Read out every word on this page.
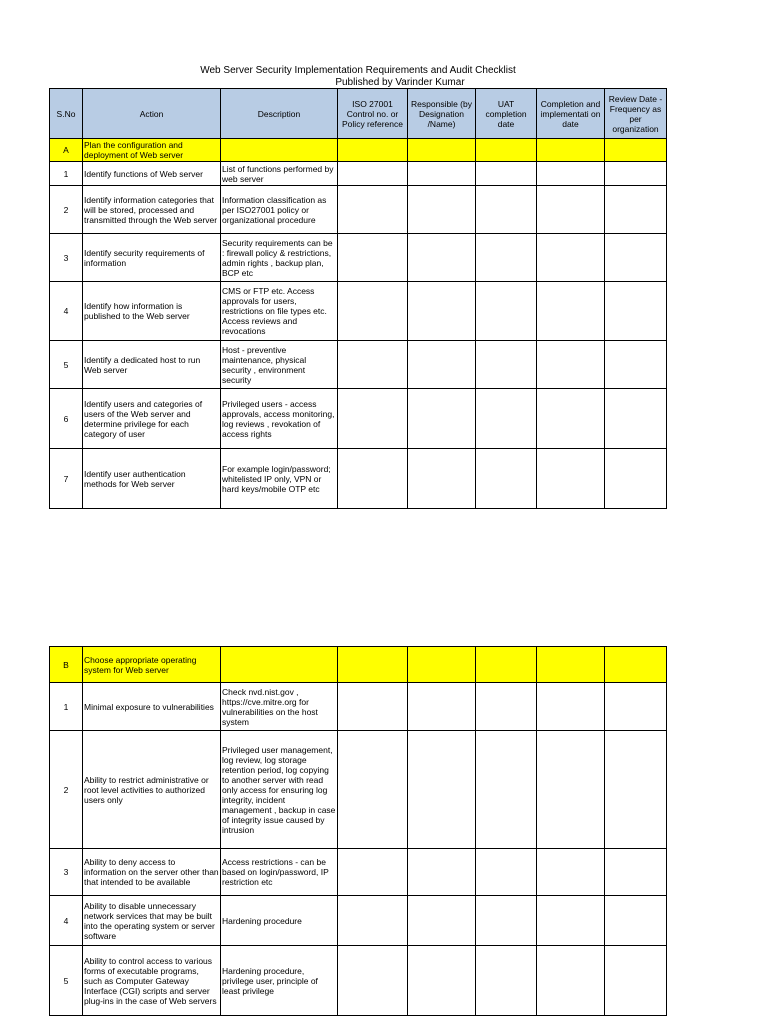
Web Server Security Implementation Requirements and Audit Checklist
Published by Varinder Kumar
S.No	Action	Description	ISO 27001 Control no. or Policy reference	Responsible (by Designation /Name)	UAT completion date	Completion and implementati on date	Review Date - Frequency as per organization
A	Plan the configuration and deployment of Web server						
1	Identify functions of Web server	List of functions performed by web server					
2	Identify information categories that will be stored, processed and transmitted through the Web server	Information classification as per ISO27001 policy or organizational procedure					
3	Identify security requirements of information	Security requirements can be : firewall policy & restrictions, admin rights , backup plan, BCP etc					
4	Identify how information is published to the Web server	CMS or FTP etc. Access approvals for users, restrictions on file types etc. Access reviews and revocations					
5	Identify a dedicated host to run Web server	Host - preventive maintenance, physical security , environment security					
6	Identify users and categories of users of the Web server and determine privilege for each category of user	Privileged users - access approvals, access monitoring, log reviews , revokation of access rights					
7	Identify user authentication methods for Web server	For example login/password; whitelisted IP only, VPN or hard keys/mobile OTP etc					
B	Choose appropriate operating system for Web server						
1	Minimal exposure to vulnerabilities	Check nvd.nist.gov , https://cve.mitre.org for vulnerabilities on the host system					
2	Ability to restrict administrative or root level activities to authorized users only	Privileged user management, log review, log storage retention period, log copying to another server with read only access for ensuring log integrity, incident management , backup in case of integrity issue caused by intrusion					
3	Ability to deny access to information on the server other than that intended to be available	Access restrictions - can be based on login/password, IP restriction etc					
4	Ability to disable unnecessary network services that may be built into the operating system or server software	Hardening procedure					
5	Ability to control access to various forms of executable programs, such as Computer Gateway Interface (CGI) scripts and server plug-ins in the case of Web servers	Hardening procedure, privilege user, principle of least privilege					
